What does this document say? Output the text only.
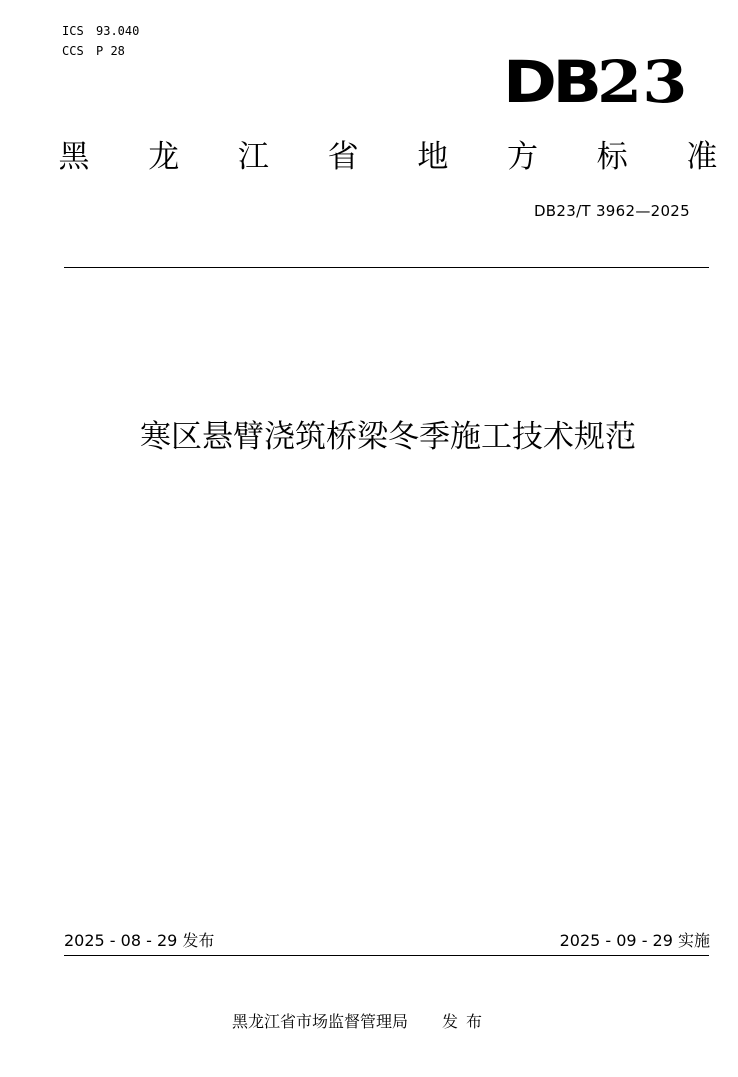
ICS 93.040
CCS P 28	DB23
黑 龙 江 省 地 方 标 准
DB23/T 3962—2025
寒区悬臂浇筑桥梁冬季施工技术规范
2025 - 08 - 29 发布	2025 - 09 - 29 实施
黑龙江省市场监督管理局 发 布
